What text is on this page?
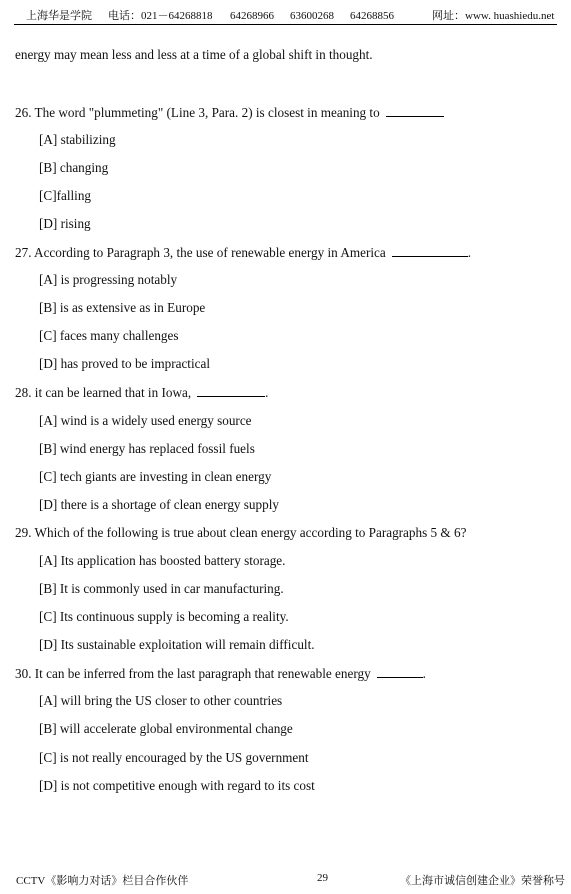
上海华是学院 电话：021－64268818 64268966 63600268 64268856	网址：www. huashiedu.net
energy may mean less and less at a time of a global shift in thought.
26. The word "plummeting" (Line 3, Para. 2) is closest in meaning to
[A] stabilizing
[B] changing
[C]falling
[D] rising
27. According to Paragraph 3, the use of renewable energy in America	.
[A] is progressing notably
[B] is as extensive as in Europe
[C] faces many challenges
[D] has proved to be impractical
28. it can be learned that in Iowa,	.
[A] wind is a widely used energy source
[B] wind energy has replaced fossil fuels
[C] tech giants are investing in clean energy
[D] there is a shortage of clean energy supply
29. Which of the following is true about clean energy according to Paragraphs 5 & 6?
[A] Its application has boosted battery storage.
[B] It is commonly used in car manufacturing.
[C] Its continuous supply is becoming a reality.
[D] Its sustainable exploitation will remain difficult.
30. It can be inferred from the last paragraph that renewable energy	.
[A] will bring the US closer to other countries
[B] will accelerate global environmental change
[C] is not really encouraged by the US government
[D] is not competitive enough with regard to its cost
CCTV《影响力对话》栏目合作伙伴	29	《上海市诚信创建企业》荣誉称号
